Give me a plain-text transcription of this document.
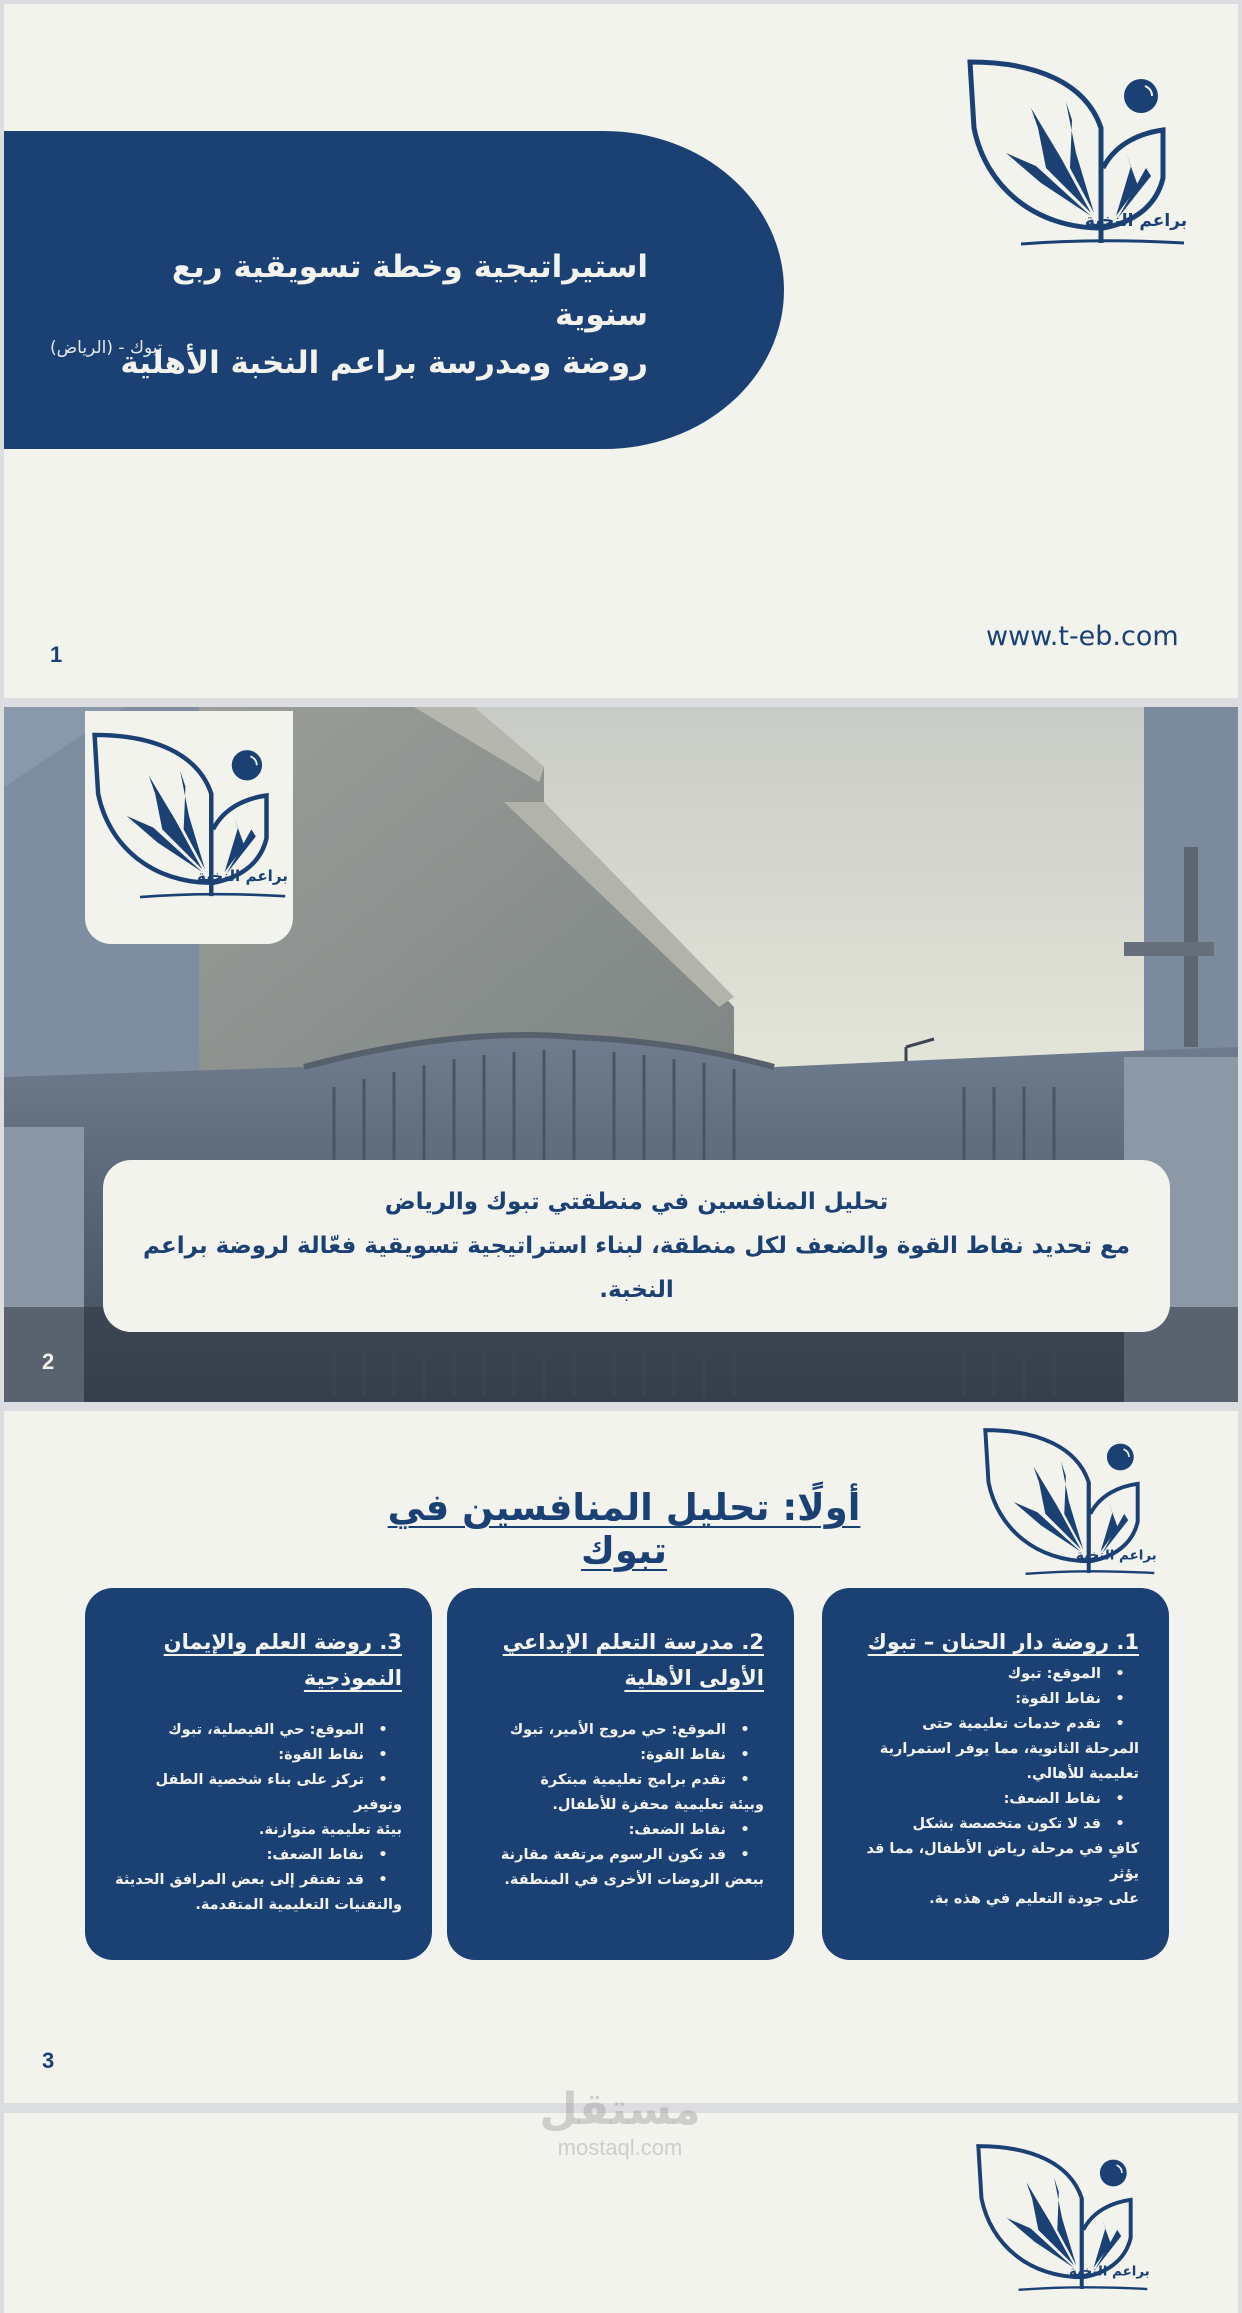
استيراتيجية وخطة تسويقية ربع سنوية
روضة ومدرسة براعم النخبة الأهلية
تبوك - (الرياض)
www.t-eb.com
1
تحليل المنافسين في منطقتي تبوك والرياض
مع تحديد نقاط القوة والضعف لكل منطقة، لبناء استراتيجية تسويقية فعّالة لروضة براعم النخبة.
2
أولًا: تحليل المنافسين في تبوك
1. روضة دار الحنان – تبوك
•الموقع: تبوك
•نقاط القوة:
•تقدم خدمات تعليمية حتى
المرحلة الثانوية، مما يوفر استمرارية
تعليمية للأهالي.
•نقاط الضعف:
•قد لا تكون متخصصة بشكل
كافٍ في مرحلة رياض الأطفال، مما قد يؤثر
على جودة التعليم في هذه بة.
2. مدرسة التعلم الإبداعي الأولى الأهلية
•الموقع: حي مروج الأمير، تبوك
•نقاط القوة:
•تقدم برامج تعليمية مبتكرة
وبيئة تعليمية محفزة للأطفال.
•نقاط الضعف:
•قد تكون الرسوم مرتفعة مقارنة
ببعض الروضات الأخرى في المنطقة.
3. روضة العلم والإيمان النموذجية
•الموقع: حي الفيصلية، تبوك
•نقاط القوة:
•تركز على بناء شخصية الطفل وتوفير
بيئة تعليمية متوازنة.
•نقاط الضعف:
•قد تفتقر إلى بعض المرافق الحديثة
والتقنيات التعليمية المتقدمة.
3
مستقل
mostaql.com
